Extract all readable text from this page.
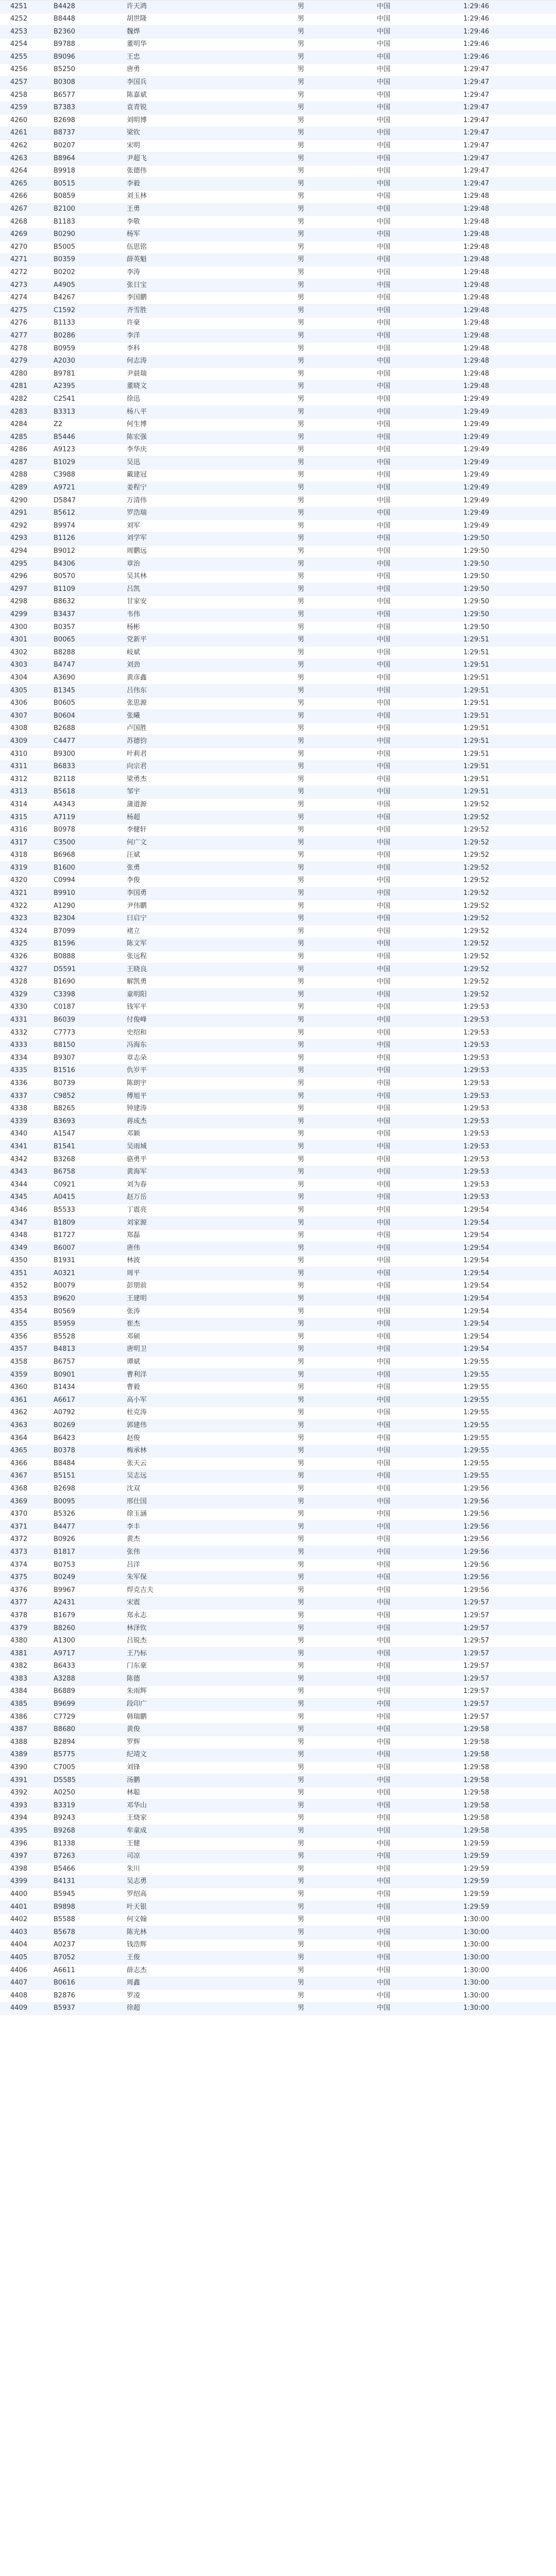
4251	B4428	许天鸿	男	中国	1:29:46
4252	B8448	胡世隆	男	中国	1:29:46
4253	B2360	魏烨	男	中国	1:29:46
4254	B9788	董明华	男	中国	1:29:46
4255	B9096	王忠	男	中国	1:29:46
4256	B5250	唐勇	男	中国	1:29:47
4257	B0308	李国兵	男	中国	1:29:47
4258	B6577	陈嘉斌	男	中国	1:29:47
4259	B7383	袁青锐	男	中国	1:29:47
4260	B2698	刘明博	男	中国	1:29:47
4261	B8737	梁钦	男	中国	1:29:47
4262	B0207	宋明	男	中国	1:29:47
4263	B8964	尹超飞	男	中国	1:29:47
4264	B9918	张德伟	男	中国	1:29:47
4265	B0515	李毅	男	中国	1:29:47
4266	B0859	刘玉林	男	中国	1:29:48
4267	B2100	王勇	男	中国	1:29:48
4268	B1183	李敬	男	中国	1:29:48
4269	B0290	杨军	男	中国	1:29:48
4270	B5005	伍思铭	男	中国	1:29:48
4271	B0359	薛英魁	男	中国	1:29:48
4272	B0202	李涛	男	中国	1:29:48
4273	A4905	张日宝	男	中国	1:29:48
4274	B4267	李国鹏	男	中国	1:29:48
4275	C1592	齐雪胜	男	中国	1:29:48
4276	B1133	许豪	男	中国	1:29:48
4277	B0286	李洋	男	中国	1:29:48
4278	B0959	李科	男	中国	1:29:48
4279	A2030	何志涛	男	中国	1:29:48
4280	B9781	尹晨瑞	男	中国	1:29:48
4281	A2395	董晓文	男	中国	1:29:48
4282	C2541	徐迅	男	中国	1:29:49
4283	B3313	杨八平	男	中国	1:29:49
4284	Z2	何生博	男	中国	1:29:49
4285	B5446	陈宏强	男	中国	1:29:49
4286	A9123	李华庆	男	中国	1:29:49
4287	B1029	吴迅	男	中国	1:29:49
4288	C3988	戴建冠	男	中国	1:29:49
4289	A9721	姜程宁	男	中国	1:29:49
4290	D5847	万清伟	男	中国	1:29:49
4291	B5612	罗浩瑞	男	中国	1:29:49
4292	B9974	刘军	男	中国	1:29:49
4293	B1126	刘学军	男	中国	1:29:50
4294	B9012	周鹏远	男	中国	1:29:50
4295	B4306	章治	男	中国	1:29:50
4296	B0570	吴其林	男	中国	1:29:50
4297	B1109	吕凯	男	中国	1:29:50
4298	B8632	甘家安	男	中国	1:29:50
4299	B3437	韦伟	男	中国	1:29:50
4300	B0357	杨彬	男	中国	1:29:50
4301	B0065	党新平	男	中国	1:29:51
4302	B8288	岐斌	男	中国	1:29:51
4303	B4747	刘劲	男	中国	1:29:51
4304	A3690	黄彦鑫	男	中国	1:29:51
4305	B1345	吕伟东	男	中国	1:29:51
4306	B0605	张思源	男	中国	1:29:51
4307	B0604	张曦	男	中国	1:29:51
4308	B2688	卢国胜	男	中国	1:29:51
4309	C4477	苏德钧	男	中国	1:29:51
4310	B9300	叶莉君	男	中国	1:29:51
4311	B6833	向宗君	男	中国	1:29:51
4312	B2118	梁勇杰	男	中国	1:29:51
4313	B5618	邹宇	男	中国	1:29:51
4314	A4343	蒲道源	男	中国	1:29:52
4315	A7119	杨超	男	中国	1:29:52
4316	B0978	李健轩	男	中国	1:29:52
4317	C3500	何广文	男	中国	1:29:52
4318	B6968	汪斌	男	中国	1:29:52
4319	B1600	张勇	男	中国	1:29:52
4320	C0994	李俊	男	中国	1:29:52
4321	B9910	李国勇	男	中国	1:29:52
4322	A1290	尹伟鹏	男	中国	1:29:52
4323	B2304	曰启宁	男	中国	1:29:52
4324	B7099	褚立	男	中国	1:29:52
4325	B1596	陈文军	男	中国	1:29:52
4326	B0888	张远程	男	中国	1:29:52
4327	D5591	王晓良	男	中国	1:29:52
4328	B1690	解凯勇	男	中国	1:29:52
4329	C3398	童明阳	男	中国	1:29:52
4330	C0187	钱军平	男	中国	1:29:53
4331	B6039	付俊峰	男	中国	1:29:53
4332	C7773	史绍和	男	中国	1:29:53
4333	B8150	冯海东	男	中国	1:29:53
4334	B9307	章志朵	男	中国	1:29:53
4335	B1516	仇岁平	男	中国	1:29:53
4336	B0739	陈朗宇	男	中国	1:29:53
4337	C9852	傅旭平	男	中国	1:29:53
4338	B8265	钟建涛	男	中国	1:29:53
4339	B3693	蒋成杰	男	中国	1:29:53
4340	A1547	邓颖	男	中国	1:29:53
4341	B1541	吴雨城	男	中国	1:29:53
4342	B3268	骆勇平	男	中国	1:29:53
4343	B6758	黄海军	男	中国	1:29:53
4344	C0921	刘为春	男	中国	1:29:53
4345	A0415	赵万岳	男	中国	1:29:53
4346	B5533	丁震亮	男	中国	1:29:54
4347	B1809	刘家源	男	中国	1:29:54
4348	B1727	郑磊	男	中国	1:29:54
4349	B6007	唐伟	男	中国	1:29:54
4350	B1931	林波	男	中国	1:29:54
4351	A0321	周平	男	中国	1:29:54
4352	B0079	彭朋前	男	中国	1:29:54
4353	B9620	王建明	男	中国	1:29:54
4354	B0569	张涛	男	中国	1:29:54
4355	B5959	崔杰	男	中国	1:29:54
4356	B5528	邓硕	男	中国	1:29:54
4357	B4813	唐明卫	男	中国	1:29:54
4358	B6757	谭斌	男	中国	1:29:55
4359	B0901	曹利洋	男	中国	1:29:55
4360	B1434	曹毅	男	中国	1:29:55
4361	A6617	高小军	男	中国	1:29:55
4362	A0792	杜克涛	男	中国	1:29:55
4363	B0269	郭建伟	男	中国	1:29:55
4364	B6423	赵俊	男	中国	1:29:55
4365	B0378	梅承林	男	中国	1:29:55
4366	B8484	张天云	男	中国	1:29:55
4367	B5151	吴志远	男	中国	1:29:55
4368	B2698	沈双	男	中国	1:29:56
4369	B0095	邢仕国	男	中国	1:29:56
4370	B5326	徐玉涵	男	中国	1:29:56
4371	B4477	李丰	男	中国	1:29:56
4372	B0926	黄杰	男	中国	1:29:56
4373	B1817	张伟	男	中国	1:29:56
4374	B0753	吕洋	男	中国	1:29:56
4375	B0249	朱军保	男	中国	1:29:56
4376	B9967	焊克吉夫	男	中国	1:29:56
4377	A2431	宋震	男	中国	1:29:57
4378	B1679	郑永志	男	中国	1:29:57
4379	B8260	林泽钦	男	中国	1:29:57
4380	A1300	吕锐杰	男	中国	1:29:57
4381	A9717	王乃标	男	中国	1:29:57
4382	B6433	门东豪	男	中国	1:29:57
4383	A3288	陈德	男	中国	1:29:57
4384	B6889	朱雨辉	男	中国	1:29:57
4385	B9699	段印广	男	中国	1:29:57
4386	C7729	韩瑞鹏	男	中国	1:29:57
4387	B8680	黄俊	男	中国	1:29:58
4388	B2894	罗辉	男	中国	1:29:58
4389	B5775	纪靖文	男	中国	1:29:58
4390	C7005	刘锋	男	中国	1:29:58
4391	D5585	汤鹏	男	中国	1:29:58
4392	A0250	林聪	男	中国	1:29:58
4393	B3319	邓华山	男	中国	1:29:58
4394	B9243	王烧家	男	中国	1:29:58
4395	B9268	牟童成	男	中国	1:29:58
4396	B1338	王健	男	中国	1:29:59
4397	B7263	司凉	男	中国	1:29:59
4398	B5466	朱川	男	中国	1:29:59
4399	B4131	吴志勇	男	中国	1:29:59
4400	B5945	罗绍高	男	中国	1:29:59
4401	B9898	叶天银	男	中国	1:29:59
4402	B5588	何文翰	男	中国	1:30:00
4403	B5678	陈光林	男	中国	1:30:00
4404	A0237	钱浩辉	男	中国	1:30:00
4405	B7052	王俊	男	中国	1:30:00
4406	A6611	薛志杰	男	中国	1:30:00
4407	B0616	周鑫	男	中国	1:30:00
4408	B2876	罗凌	男	中国	1:30:00
4409	B5937	徐超	男	中国	1:30:00
